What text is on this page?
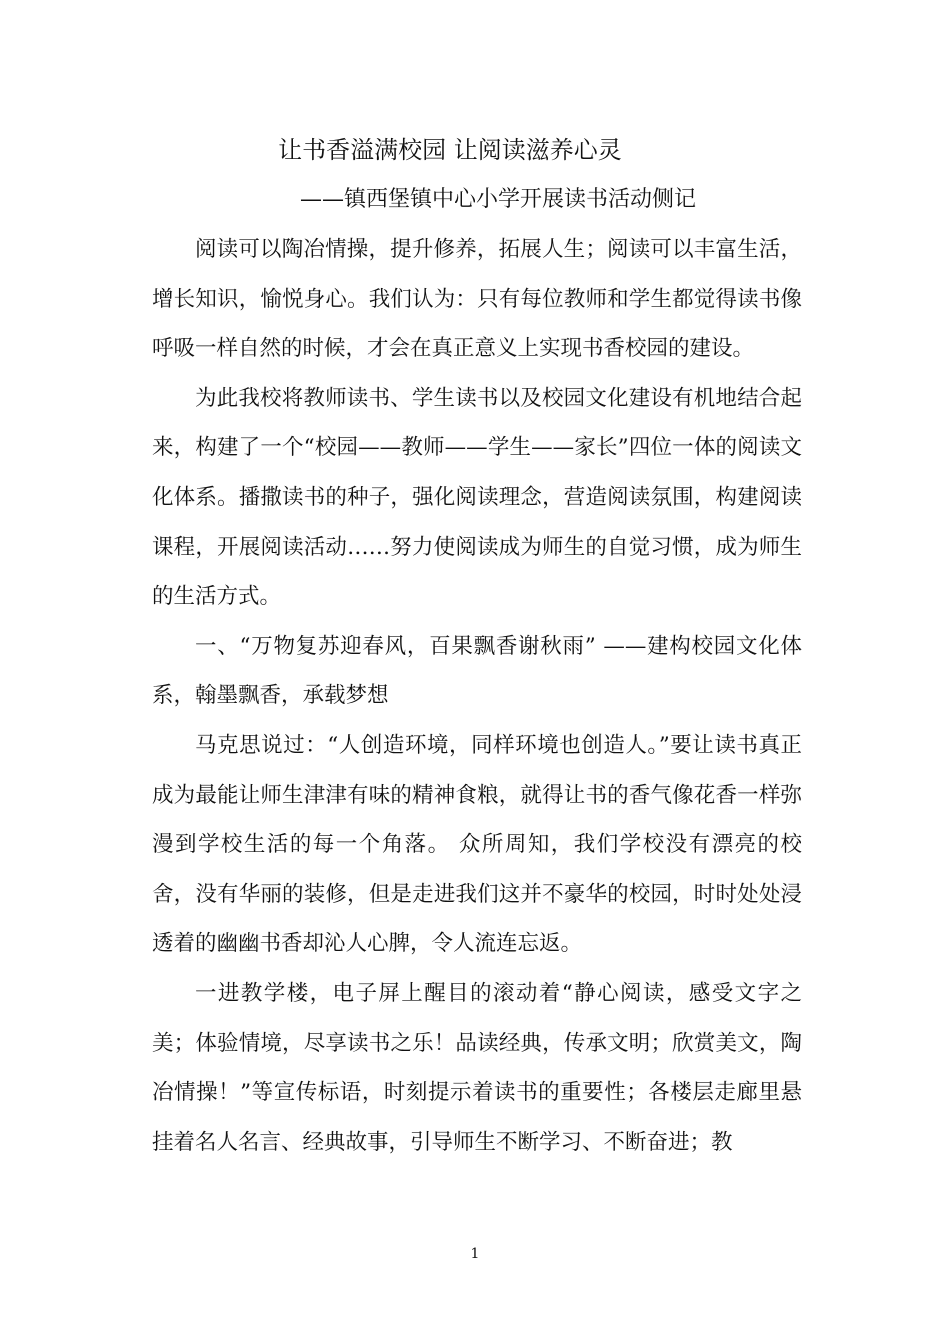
让书香溢满校园 让阅读滋养心灵
——镇西堡镇中心小学开展读书活动侧记

阅读可以陶冶情操，提升修养，拓展人生；阅读可以丰富生活，增长知识，愉悦身心。我们认为：只有每位教师和学生都觉得读书像呼吸一样自然的时候，才会在真正意义上实现书香校园的建设。

为此我校将教师读书、学生读书以及校园文化建设有机地结合起来，构建了一个“校园——教师——学生——家长”四位一体的阅读文化体系。播撒读书的种子，强化阅读理念，营造阅读氛围，构建阅读课程，开展阅读活动……努力使阅读成为师生的自觉习惯，成为师生的生活方式。

一、“万物复苏迎春风，百果飘香谢秋雨” ——建构校园文化体系，翰墨飘香，承载梦想

马克思说过：“人创造环境，同样环境也创造人。”要让读书真正成为最能让师生津津有味的精神食粮，就得让书的香气像花香一样弥漫到学校生活的每一个角落。 众所周知，我们学校没有漂亮的校舍，没有华丽的装修，但是走进我们这并不豪华的校园，时时处处浸透着的幽幽书香却沁人心脾，令人流连忘返。

一进教学楼，电子屏上醒目的滚动着“静心阅读，感受文字之美；体验情境，尽享读书之乐！品读经典，传承文明；欣赏美文，陶冶情操！”等宣传标语，时刻提示着读书的重要性；各楼层走廊里悬挂着名人名言、经典故事，引导师生不断学习、不断奋进；教

1
